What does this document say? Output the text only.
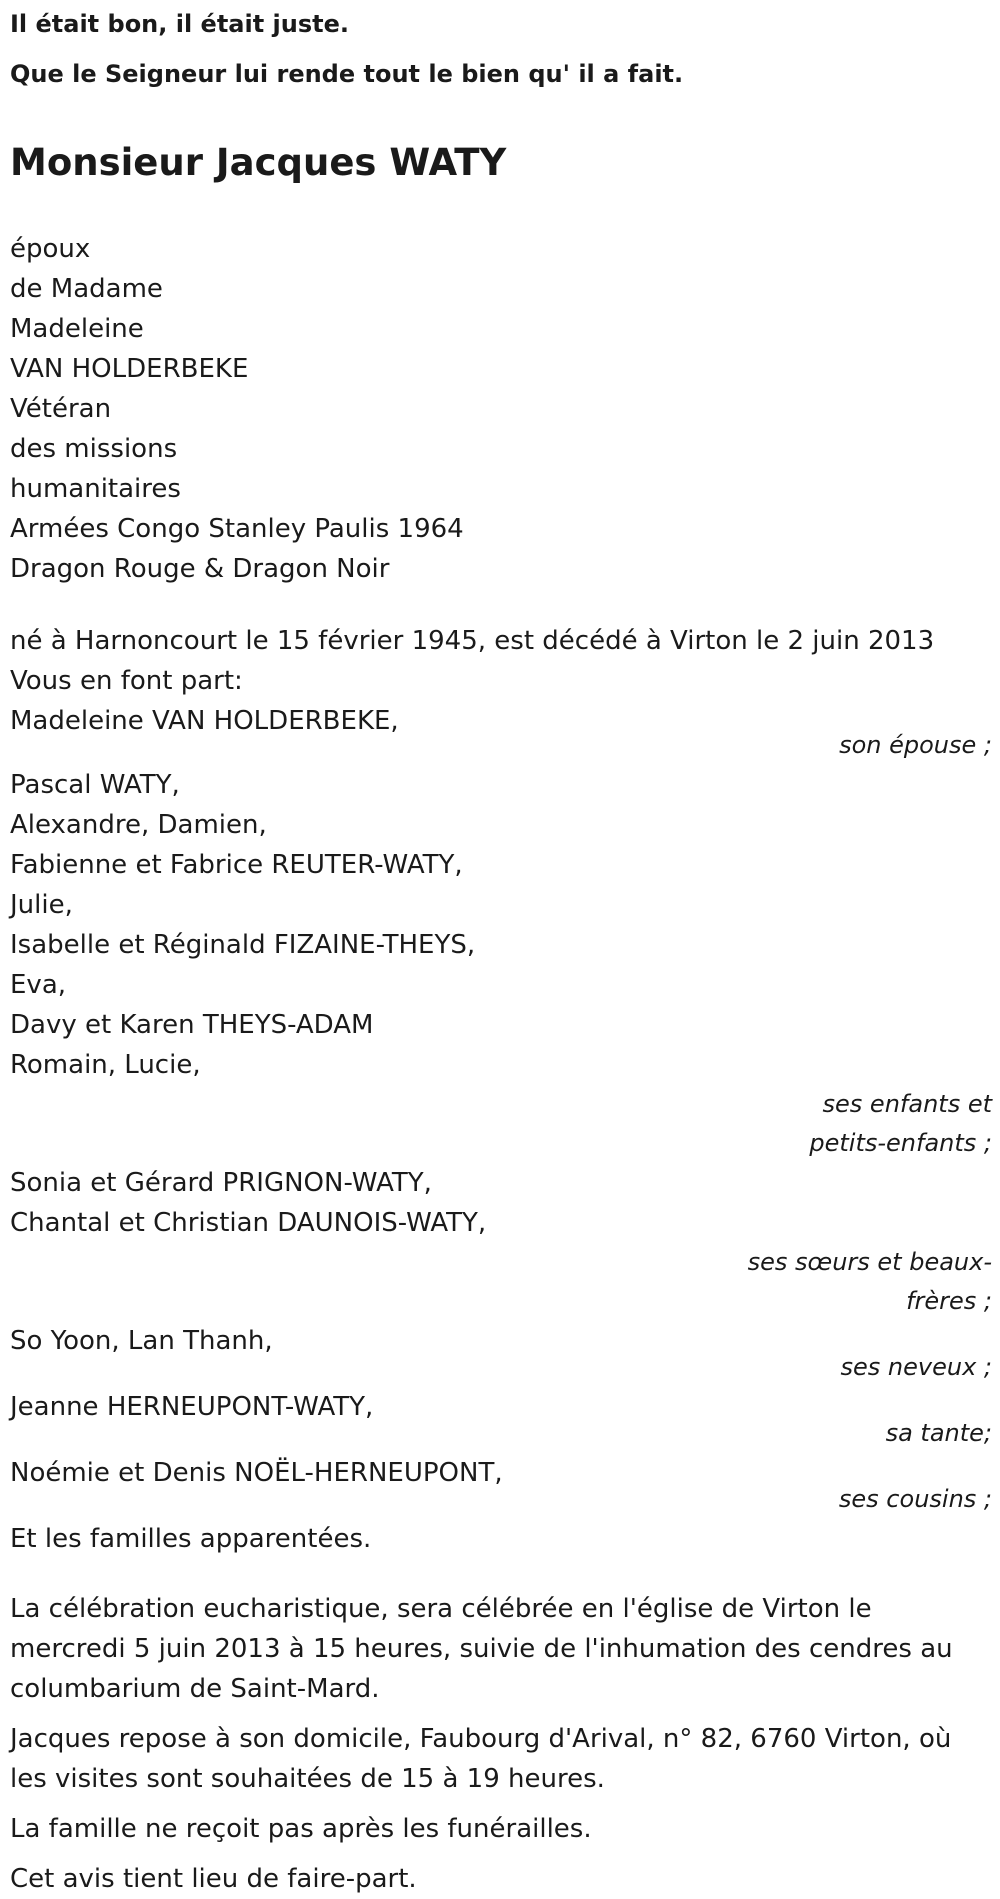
Il était bon, il était juste.

Que le Seigneur lui rende tout le bien qu' il a fait.

Monsieur Jacques WATY

époux

de Madame

Madeleine

VAN HOLDERBEKE

Vétéran

des missions

humanitaires

Armées Congo Stanley Paulis 1964

Dragon Rouge & Dragon Noir

né à Harnoncourt le 15 février 1945, est décédé à Virton le 2 juin 2013

Vous en font part:

Madeleine VAN HOLDERBEKE,

son épouse ;

Pascal WATY,

Alexandre, Damien,

Fabienne et Fabrice REUTER-WATY,

Julie,

Isabelle et Réginald FIZAINE-THEYS,

Eva,

Davy et Karen THEYS-ADAM

Romain, Lucie,

ses enfants et

petits-enfants ;

Sonia et Gérard PRIGNON-WATY,

Chantal et Christian DAUNOIS-WATY,

ses sœurs et beaux-

frères ;

So Yoon, Lan Thanh,

ses neveux ;

Jeanne HERNEUPONT-WATY,

sa tante;

Noémie et Denis NOËL-HERNEUPONT,

ses cousins ;

Et les familles apparentées.

La célébration eucharistique, sera célébrée en l'église de Virton le

mercredi 5 juin 2013 à 15 heures, suivie de l'inhumation des cendres au

columbarium de Saint-Mard.

Jacques repose à son domicile, Faubourg d'Arival, n° 82, 6760 Virton, où

les visites sont souhaitées de 15 à 19 heures.

La famille ne reçoit pas après les funérailles.

Cet avis tient lieu de faire-part.
